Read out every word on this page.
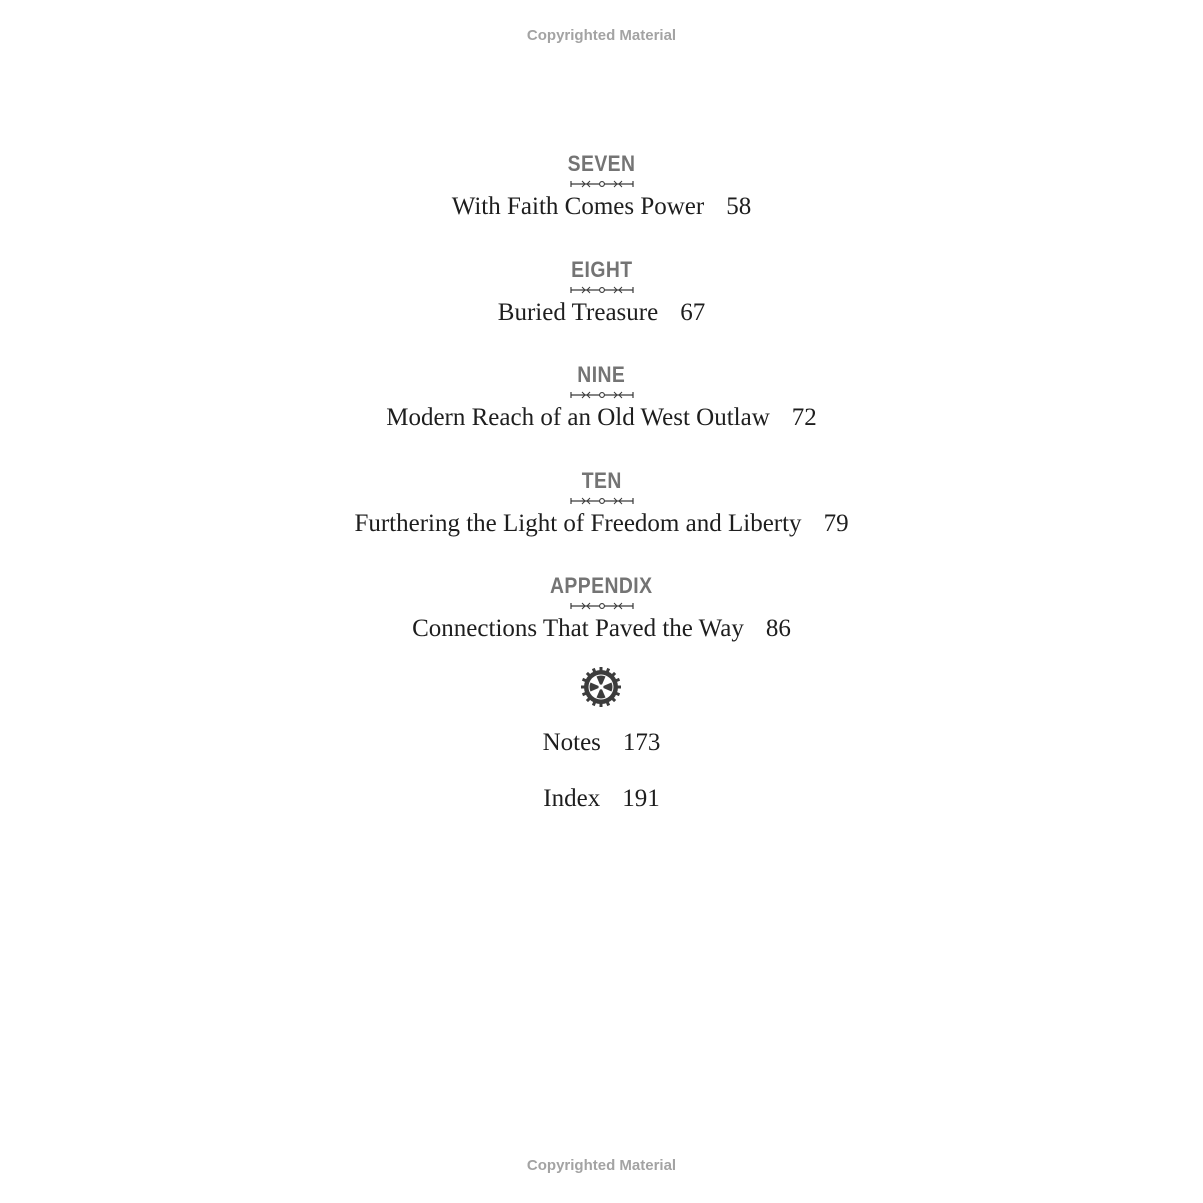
Copyrighted Material
SEVEN
With Faith Comes Power 58
EIGHT
Buried Treasure 67
NINE
Modern Reach of an Old West Outlaw 72
TEN
Furthering the Light of Freedom and Liberty 79
APPENDIX
Connections That Paved the Way 86
Notes 173
Index 191
Copyrighted Material
